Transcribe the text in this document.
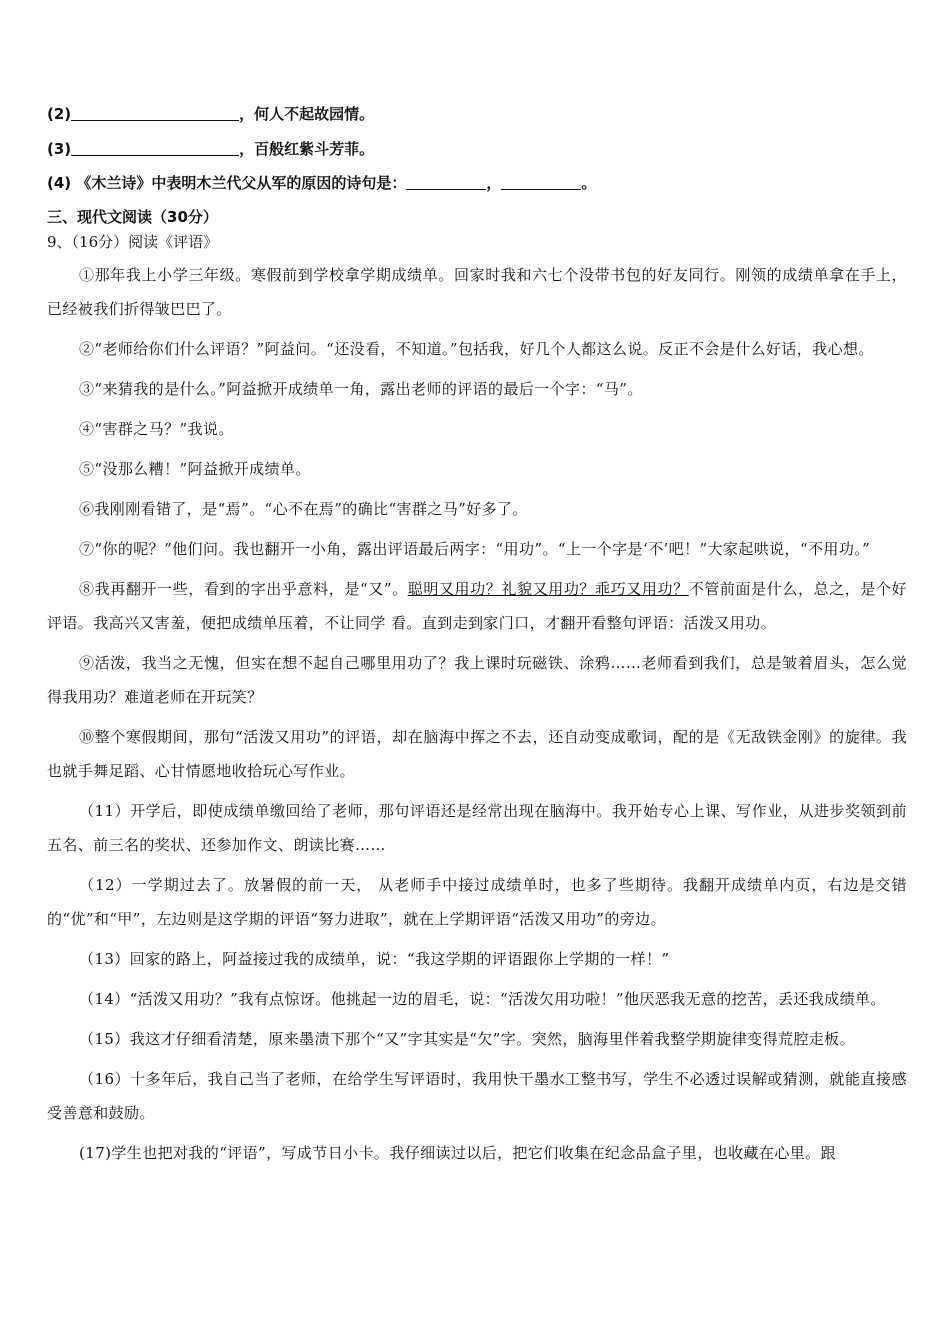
(2)	，何人不起故园情。
(3)	，百般红紫斗芳菲。
(4) 《木兰诗》中表明木兰代父从军的原因的诗句是：	，	。
三、现代文阅读（30分）
9、（16分）阅读《评语》

①那年我上小学三年级。寒假前到学校拿学期成绩单。回家时我和六七个没带书包的好友同行。刚领的成绩单拿在手上，已经被我们折得皱巴巴了。

②“老师给你们什么评语？”阿益问。“还没看，不知道。”包括我，好几个人都这么说。反正不会是什么好话，我心想。

③“来猜我的是什么。”阿益掀开成绩单一角，露出老师的评语的最后一个字：“马”。

④“害群之马？”我说。

⑤“没那么糟！”阿益掀开成绩单。

⑥我刚刚看错了，是“焉”。“心不在焉”的确比“害群之马”好多了。

⑦“你的呢？”他们问。我也翻开一小角，露出评语最后两字：“用功”。“上一个字是‘不’吧！”大家起哄说，“不用功。”

⑧我再翻开一些，看到的字出乎意料，是“又”。聪明又用功？礼貌又用功？乖巧又用功？不管前面是什么，总之，是个好评语。我高兴又害羞，便把成绩单压着，不让同学 看。直到走到家门口，才翻开看整句评语：活泼又用功。

⑨活泼，我当之无愧，但实在想不起自己哪里用功了？我上课时玩磁铁、涂鸦……老师看到我们，总是皱着眉头，怎么觉得我用功？难道老师在开玩笑？

⑩整个寒假期间，那句“活泼又用功”的评语，却在脑海中挥之不去，还自动变成歌词，配的是《无敌铁金刚》的旋律。我也就手舞足蹈、心甘情愿地收拾玩心写作业。

（11）开学后，即使成绩单缴回给了老师，那句评语还是经常出现在脑海中。我开始专心上课、写作业，从进步奖领到前五名、前三名的奖状、还参加作文、朗读比赛……

（12）一学期过去了。放暑假的前一天， 从老师手中接过成绩单时，也多了些期待。我翻开成绩单内页，右边是交错的“优”和“甲”，左边则是这学期的评语“努力进取”，就在上学期评语“活泼又用功”的旁边。

（13）回家的路上，阿益接过我的成绩单，说：“我这学期的评语跟你上学期的一样！”

（14）“活泼又用功？”我有点惊讶。他挑起一边的眉毛，说：“活泼欠用功啦！”他厌恶我无意的挖苦，丢还我成绩单。

（15）我这才仔细看清楚，原来墨渍下那个“又”字其实是“欠”字。突然，脑海里伴着我整学期旋律变得荒腔走板。

（16）十多年后，我自己当了老师，在给学生写评语时，我用快干墨水工整书写，学生不必透过误解或猜测，就能直接感受善意和鼓励。

(17)学生也把对我的“评语”，写成节日小卡。我仔细读过以后，把它们收集在纪念品盒子里，也收藏在心里。跟
